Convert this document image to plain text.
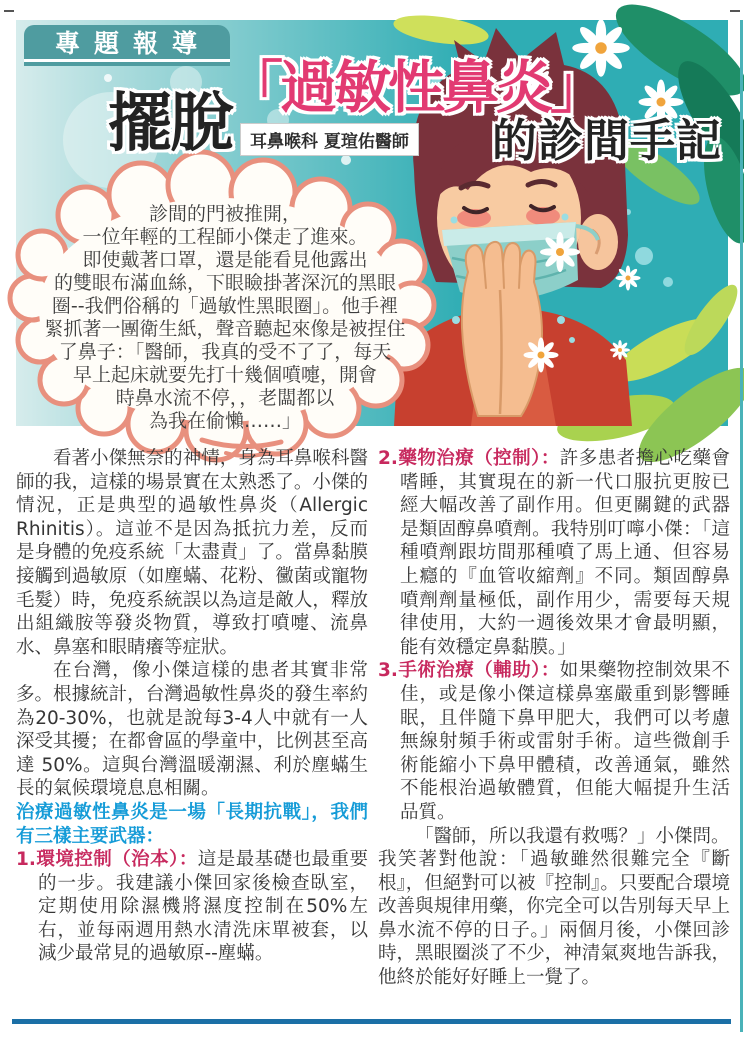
專題報導
擺脫
「過敏性鼻炎」
的診間手記
耳鼻喉科 夏瑄佑醫師
診間的門被推開，
一位年輕的工程師小傑走了進來。
即使戴著口罩，還是能看見他露出
的雙眼布滿血絲，下眼瞼掛著深沉的黑眼
圈--我們俗稱的「過敏性黑眼圈」。他手裡
緊抓著一團衛生紙，聲音聽起來像是被捏住
了鼻子：「醫師，我真的受不了了，每天
早上起床就要先打十幾個噴嚏，開會
時鼻水流不停，，老闆都以
為我在偷懶……」

看著小傑無奈的神情，身為耳鼻喉科醫師的我，這樣的場景實在太熟悉了。小傑的情況，正是典型的過敏性鼻炎（Allergic Rhinitis）。這並不是因為抵抗力差，反而是身體的免疫系統「太盡責」了。當鼻黏膜接觸到過敏原（如塵蟎、花粉、黴菌或寵物毛髮）時，免疫系統誤以為這是敵人，釋放出組織胺等發炎物質，導致打噴嚏、流鼻水、鼻塞和眼睛癢等症狀。

在台灣，像小傑這樣的患者其實非常多。根據統計，台灣過敏性鼻炎的發生率約為20-30%，也就是說每3-4人中就有一人深受其擾；在都會區的學童中，比例甚至高達 50%。這與台灣溫暖潮濕、利於塵蟎生長的氣候環境息息相關。

治療過敏性鼻炎是一場「長期抗戰」，我們有三樣主要武器：

1.環境控制（治本）：這是最基礎也最重要的一步。我建議小傑回家後檢查臥室，定期使用除濕機將濕度控制在50%左右，並每兩週用熱水清洗床單被套，以減少最常見的過敏原--塵蟎。

2.藥物治療（控制）：許多患者擔心吃藥會嗜睡，其實現在的新一代口服抗更胺已經大幅改善了副作用。但更關鍵的武器是類固醇鼻噴劑。我特別叮嚀小傑：「這種噴劑跟坊間那種噴了馬上通、但容易上癮的『血管收縮劑』不同。類固醇鼻噴劑劑量極低，副作用少，需要每天規律使用，大約一週後效果才會最明顯，能有效穩定鼻黏膜。」

3.手術治療（輔助）：如果藥物控制效果不佳，或是像小傑這樣鼻塞嚴重到影響睡眠，且伴隨下鼻甲肥大，我們可以考慮無線射頻手術或雷射手術。這些微創手術能縮小下鼻甲體積，改善通氣，雖然不能根治過敏體質，但能大幅提升生活品質。

「醫師，所以我還有救嗎？」小傑問。

我笑著對他說：「過敏雖然很難完全『斷根』，但絕對可以被『控制』。只要配合環境改善與規律用藥，你完全可以告別每天早上鼻水流不停的日子。」兩個月後，小傑回診時，黑眼圈淡了不少，神清氣爽地告訴我，他終於能好好睡上一覺了。
